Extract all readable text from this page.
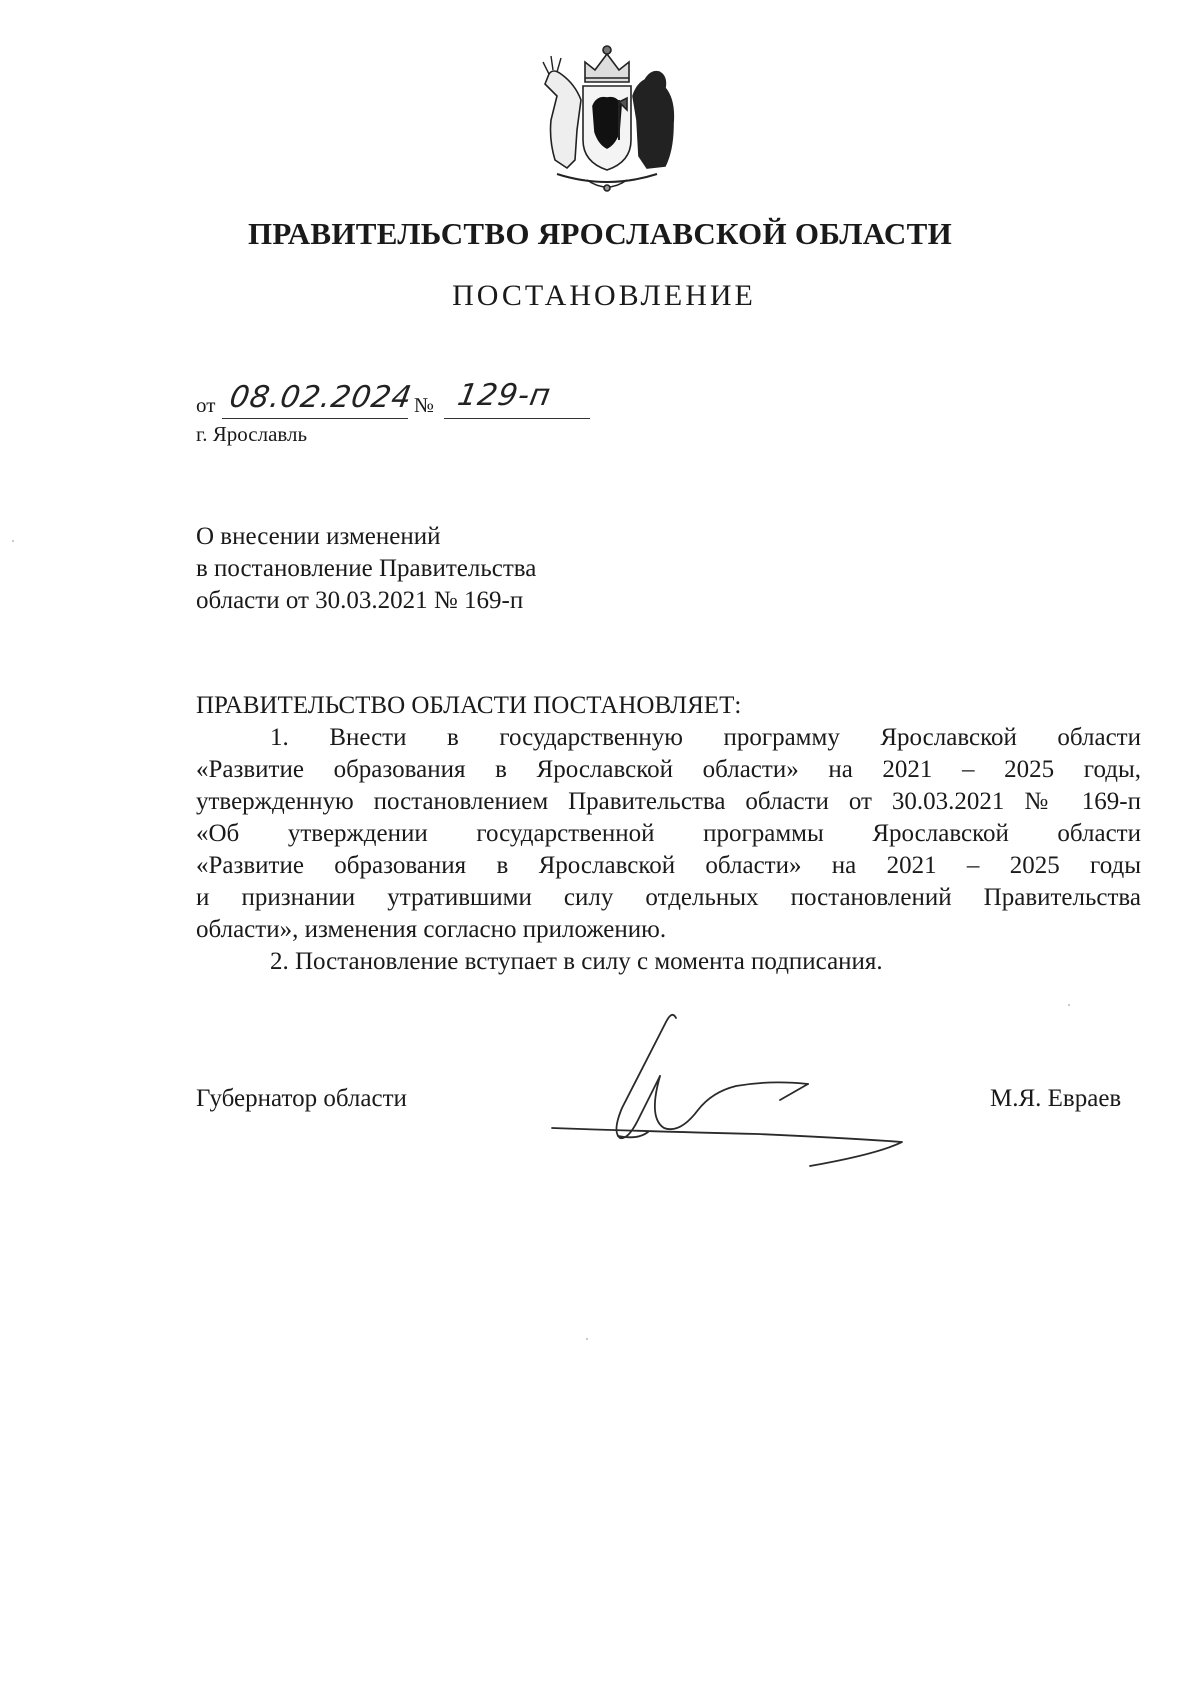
ПРАВИТЕЛЬСТВО ЯРОСЛАВСКОЙ ОБЛАСТИ
ПОСТАНОВЛЕНИЕ
от 08.02.2024 № 129-п
г. Ярославль
О внесении изменений
в постановление Правительства
области от 30.03.2021 № 169-п
ПРАВИТЕЛЬСТВО ОБЛАСТИ ПОСТАНОВЛЯЕТ:
1. Внести в государственную программу Ярославской области
«Развитие образования в Ярославской области» на 2021 – 2025 годы,
утвержденную постановлением Правительства области от 30.03.2021 № 169-п
«Об утверждении государственной программы Ярославской области
«Развитие образования в Ярославской области» на 2021 – 2025 годы
и признании утратившими силу отдельных постановлений Правительства
области», изменения согласно приложению.
2. Постановление вступает в силу с момента подписания.
Губернатор области	М.Я. Евраев
